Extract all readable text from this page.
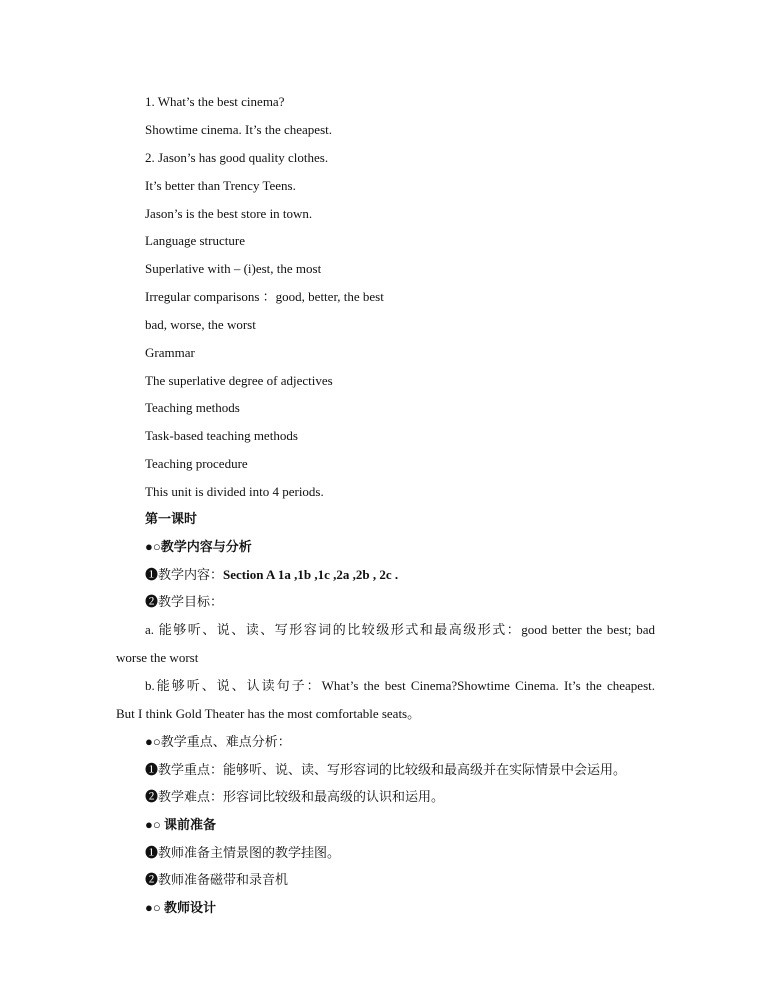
1. What’s the best cinema?
Showtime cinema. It’s the cheapest.
2. Jason’s has good quality clothes.
It’s better than Trency Teens.
Jason’s is the best store in town.
Language structure
Superlative with – (i)est, the most
Irregular comparisons ：good, better, the best
bad, worse, the worst
Grammar
The superlative degree of adjectives
Teaching methods
Task-based teaching methods
Teaching procedure
This unit is divided into 4 periods.
第一课时
●○教学内容与分析
❶教学内容：Section A 1a ,1b ,1c ,2a ,2b , 2c .
❷教学目标：
a. 能够听、说、读、写形容词的比较级形式和最高级形式：good better the best; bad
worse the worst
b.能够听、说、认读句子：What’s the best Cinema?Showtime Cinema. It’s the cheapest.
But I think Gold Theater has the most comfortable seats。
●○教学重点、难点分析：
❶教学重点：能够听、说、读、写形容词的比较级和最高级并在实际情景中会运用。
❷教学难点：形容词比较级和最高级的认识和运用。
●○ 课前准备
❶教师准备主情景图的教学挂图。
❷教师准备磁带和录音机
●○ 教师设计
